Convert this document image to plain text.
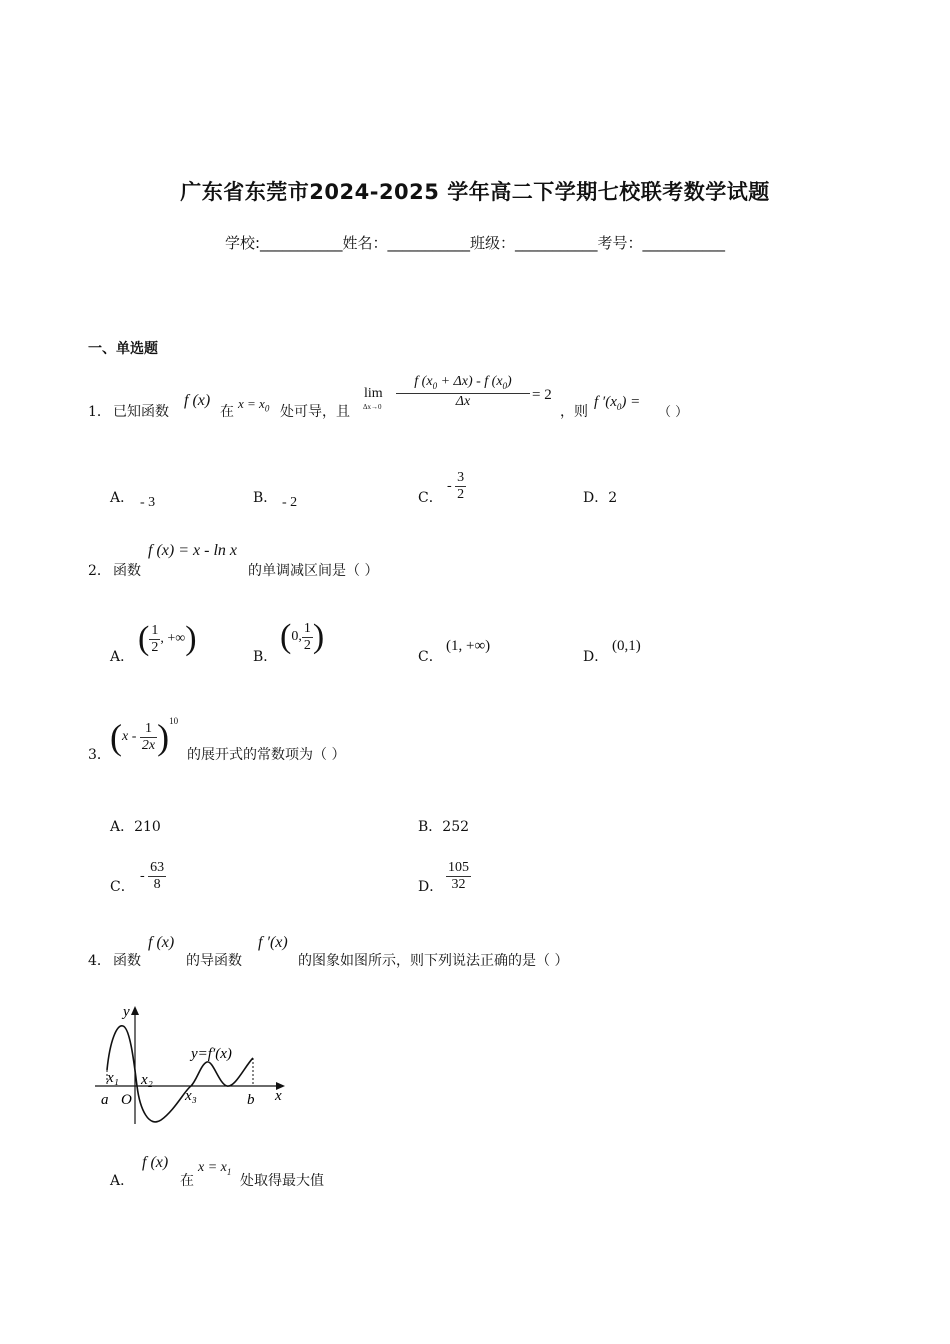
广东省东莞市2024-2025 学年高二下学期七校联考数学试题
学校:___________姓名：___________班级：___________考号：___________
一、单选题
1． 已知函数
f (x)
在
$x = x_0$ 处可导，且
lim
Δx→0
f $(x_0 + \Delta x) - f$ $(x_0)$
Δx	= 2
，则
f $'(x_0)$ =
（ ）
A． - 3	B． - 2	C．
- $\frac{3}{2}$	D．2
2． 函数
f (x) = x - ln x
的单调减区间是（ ）
A． ( $\frac{1}{2}$ , +∞)	B．
(0, $\frac{1}{2}$ )
C．
(1, +∞)
D．
(0,1)
3． $(x - \frac{1}{2x} )^{10}$
的展开式的常数项为（ ）
A．210	B．252
C．
- $\frac{63}{8}$	D． $\frac{105}{32}$
4． 函数
f (x)
的导函数
f ′(x)
的图象如图所示，则下列说法正确的是（ ）
y
x
y=f′(x)
a O
x₁ x₂
x₃	b
A．
f (x)
在
$x = x_1$
处取得最大值
